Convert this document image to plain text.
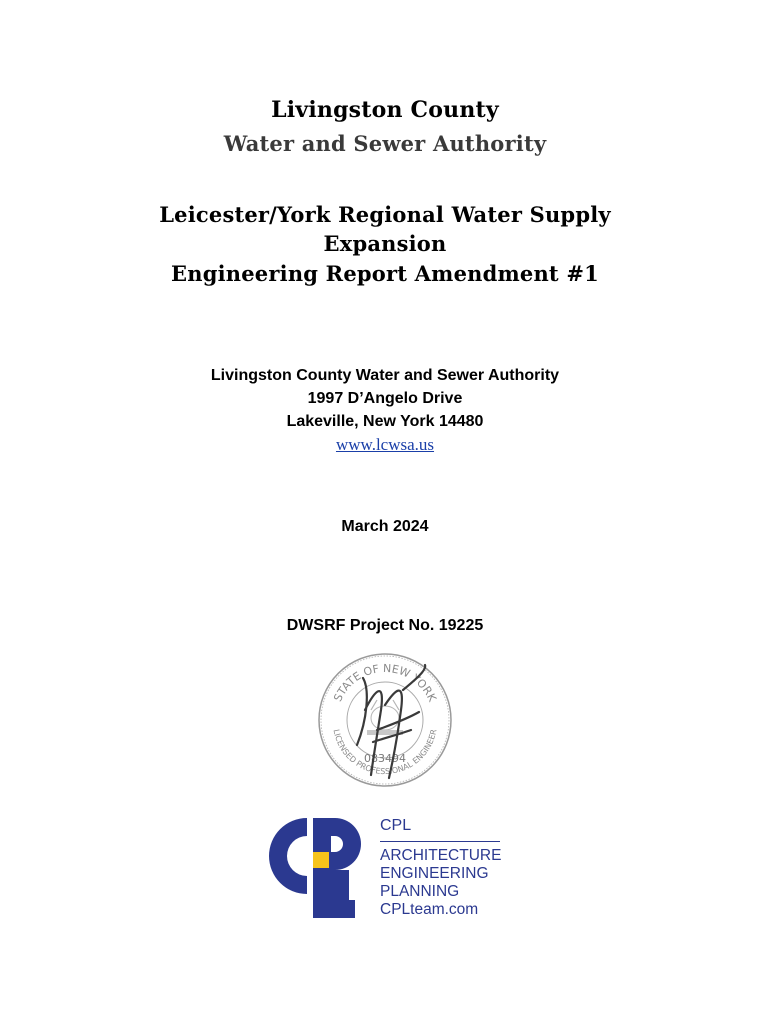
Livingston County
Water and Sewer Authority
Leicester/York Regional Water Supply
Expansion
Engineering Report Amendment #1
Livingston County Water and Sewer Authority
1997 D’Angelo Drive
Lakeville, New York 14480
www.lcwsa.us
March 2024
DWSRF Project No. 19225
STATE OF NEW YORK
LICENSED PROFESSIONAL ENGINEER
083494
CPL
ARCHITECTURE
ENGINEERING
PLANNING
CPLteam.com
